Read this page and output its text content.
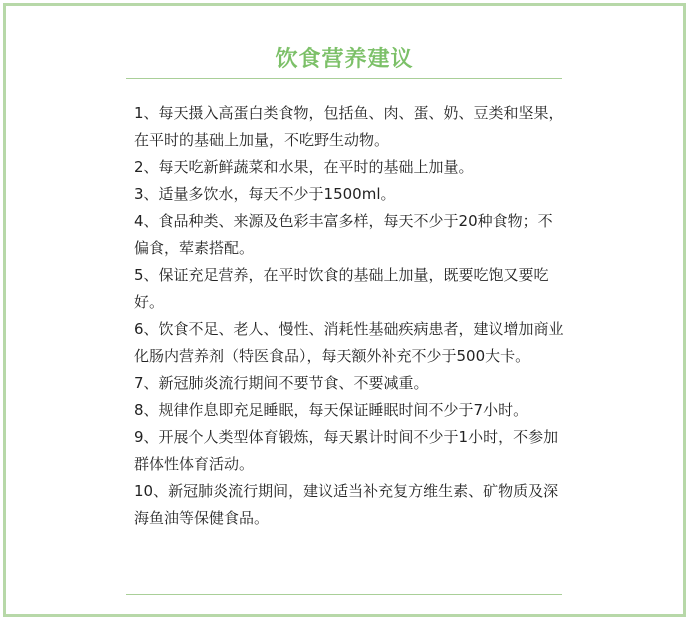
饮食营养建议
1、每天摄入高蛋白类食物，包括鱼、肉、蛋、奶、豆类和坚果，在平时的基础上加量，不吃野生动物。
2、每天吃新鲜蔬菜和水果，在平时的基础上加量。
3、适量多饮水，每天不少于1500ml。
4、食品种类、来源及色彩丰富多样，每天不少于20种食物；不偏食，荤素搭配。
5、保证充足营养，在平时饮食的基础上加量，既要吃饱又要吃好。
6、饮食不足、老人、慢性、消耗性基础疾病患者，建议增加商业化肠内营养剂（特医食品），每天额外补充不少于500大卡。
7、新冠肺炎流行期间不要节食、不要减重。
8、规律作息即充足睡眠，每天保证睡眠时间不少于7小时。
9、开展个人类型体育锻炼，每天累计时间不少于1小时，不参加群体性体育活动。
10、新冠肺炎流行期间，建议适当补充复方维生素、矿物质及深海鱼油等保健食品。
